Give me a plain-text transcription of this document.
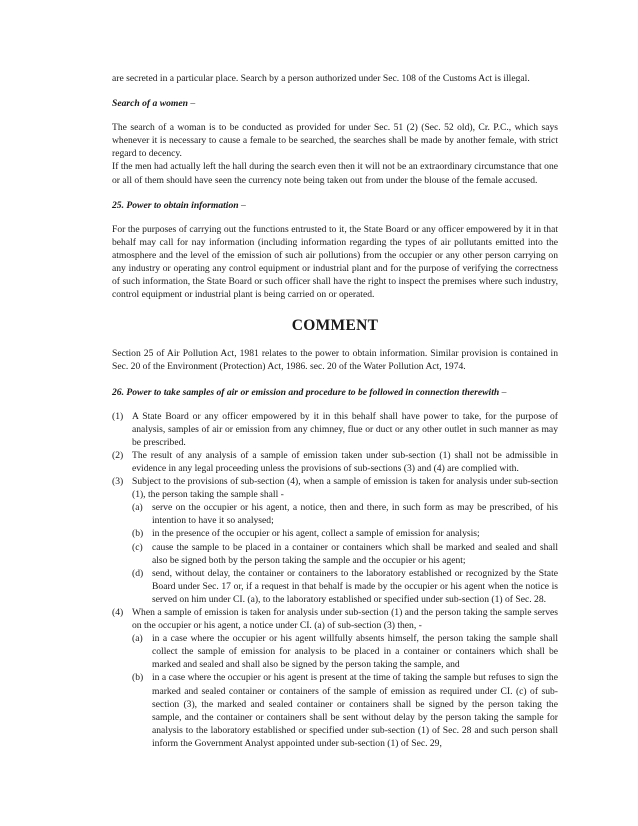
are secreted in a particular place. Search by a person authorized under Sec. 108 of the Customs Act is illegal.

Search of a women –

The search of a woman is to be conducted as provided for under Sec. 51 (2) (Sec. 52 old), Cr. P.C., which says whenever it is necessary to cause a female to be searched, the searches shall be made by another female, with strict regard to decency.

If the men had actually left the hall during the search even then it will not be an extraordinary circumstance that one or all of them should have seen the currency note being taken out from under the blouse of the female accused.

25. Power to obtain information –

For the purposes of carrying out the functions entrusted to it, the State Board or any officer empowered by it in that behalf may call for nay information (including information regarding the types of air pollutants emitted into the atmosphere and the level of the emission of such air pollutions) from the occupier or any other person carrying on any industry or operating any control equipment or industrial plant and for the purpose of verifying the correctness of such information, the State Board or such officer shall have the right to inspect the premises where such industry, control equipment or industrial plant is being carried on or operated.

COMMENT

Section 25 of Air Pollution Act, 1981 relates to the power to obtain information. Similar provision is contained in Sec. 20 of the Environment (Protection) Act, 1986. sec. 20 of the Water Pollution Act, 1974.

26. Power to take samples of air or emission and procedure to be followed in connection therewith –

(1) A State Board or any officer empowered by it in this behalf shall have power to take, for the purpose of analysis, samples of air or emission from any chimney, flue or duct or any other outlet in such manner as may be prescribed.
(2) The result of any analysis of a sample of emission taken under sub-section (1) shall not be admissible in evidence in any legal proceeding unless the provisions of sub-sections (3) and (4) are complied with.
(3) Subject to the provisions of sub-section (4), when a sample of emission is taken for analysis under sub-section (1), the person taking the sample shall -
(a) serve on the occupier or his agent, a notice, then and there, in such form as may be prescribed, of his intention to have it so analysed;
(b) in the presence of the occupier or his agent, collect a sample of emission for analysis;
(c) cause the sample to be placed in a container or containers which shall be marked and sealed and shall also be signed both by the person taking the sample and the occupier or his agent;
(d) send, without delay, the container or containers to the laboratory established or recognized by the State Board under Sec. 17 or, if a request in that behalf is made by the occupier or his agent when the notice is served on him under CI. (a), to the laboratory established or specified under sub-section (1) of Sec. 28.
(4) When a sample of emission is taken for analysis under sub-section (1) and the person taking the sample serves on the occupier or his agent, a notice under CI. (a) of sub-section (3) then, -
(a) in a case where the occupier or his agent willfully absents himself, the person taking the sample shall collect the sample of emission for analysis to be placed in a container or containers which shall be marked and sealed and shall also be signed by the person taking the sample, and
(b) in a case where the occupier or his agent is present at the time of taking the sample but refuses to sign the marked and sealed container or containers of the sample of emission as required under CI. (c) of sub-section (3), the marked and sealed container or containers shall be signed by the person taking the sample, and the container or containers shall be sent without delay by the person taking the sample for analysis to the laboratory established or specified under sub-section (1) of Sec. 28 and such person shall inform the Government Analyst appointed under sub-section (1) of Sec. 29,
